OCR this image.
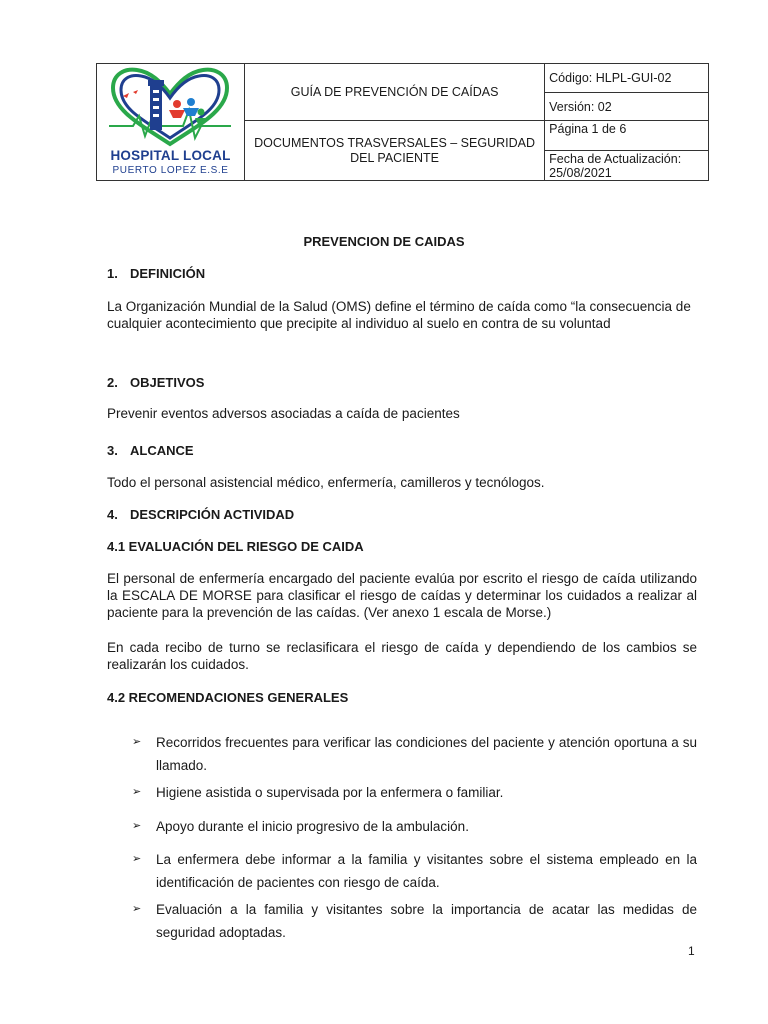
HOSPITAL LOCAL
PUERTO LOPEZ E.S.E	GUÍA DE PREVENCIÓN DE CAÍDAS	Código: HLPL-GUI-02
		Versión: 02
	DOCUMENTOS TRASVERSALES – SEGURIDAD DEL PACIENTE	Página 1 de 6
		Fecha de Actualización: 25/08/2021
PREVENCION DE CAIDAS
1. DEFINICIÓN
La Organización Mundial de la Salud (OMS) define el término de caída como “la consecuencia de cualquier acontecimiento que precipite al individuo al suelo en contra de su voluntad
2. OBJETIVOS
Prevenir eventos adversos asociadas a caída de pacientes
3. ALCANCE
Todo el personal asistencial médico, enfermería, camilleros y tecnólogos.
4. DESCRIPCIÓN ACTIVIDAD
4.1 EVALUACIÓN DEL RIESGO DE CAIDA
El personal de enfermería encargado del paciente evalúa por escrito el riesgo de caída utilizando la ESCALA DE MORSE para clasificar el riesgo de caídas y determinar los cuidados a realizar al paciente para la prevención de las caídas. (Ver anexo 1 escala de Morse.)
En cada recibo de turno se reclasificara el riesgo de caída y dependiendo de los cambios se realizarán los cuidados.
4.2 RECOMENDACIONES GENERALES
➢ Recorridos frecuentes para verificar las condiciones del paciente y atención oportuna a su llamado.
➢ Higiene asistida o supervisada por la enfermera o familiar.
➢ Apoyo durante el inicio progresivo de la ambulación.
➢ La enfermera debe informar a la familia y visitantes sobre el sistema empleado en la identificación de pacientes con riesgo de caída.
➢ Evaluación a la familia y visitantes sobre la importancia de acatar las medidas de seguridad adoptadas.
1
